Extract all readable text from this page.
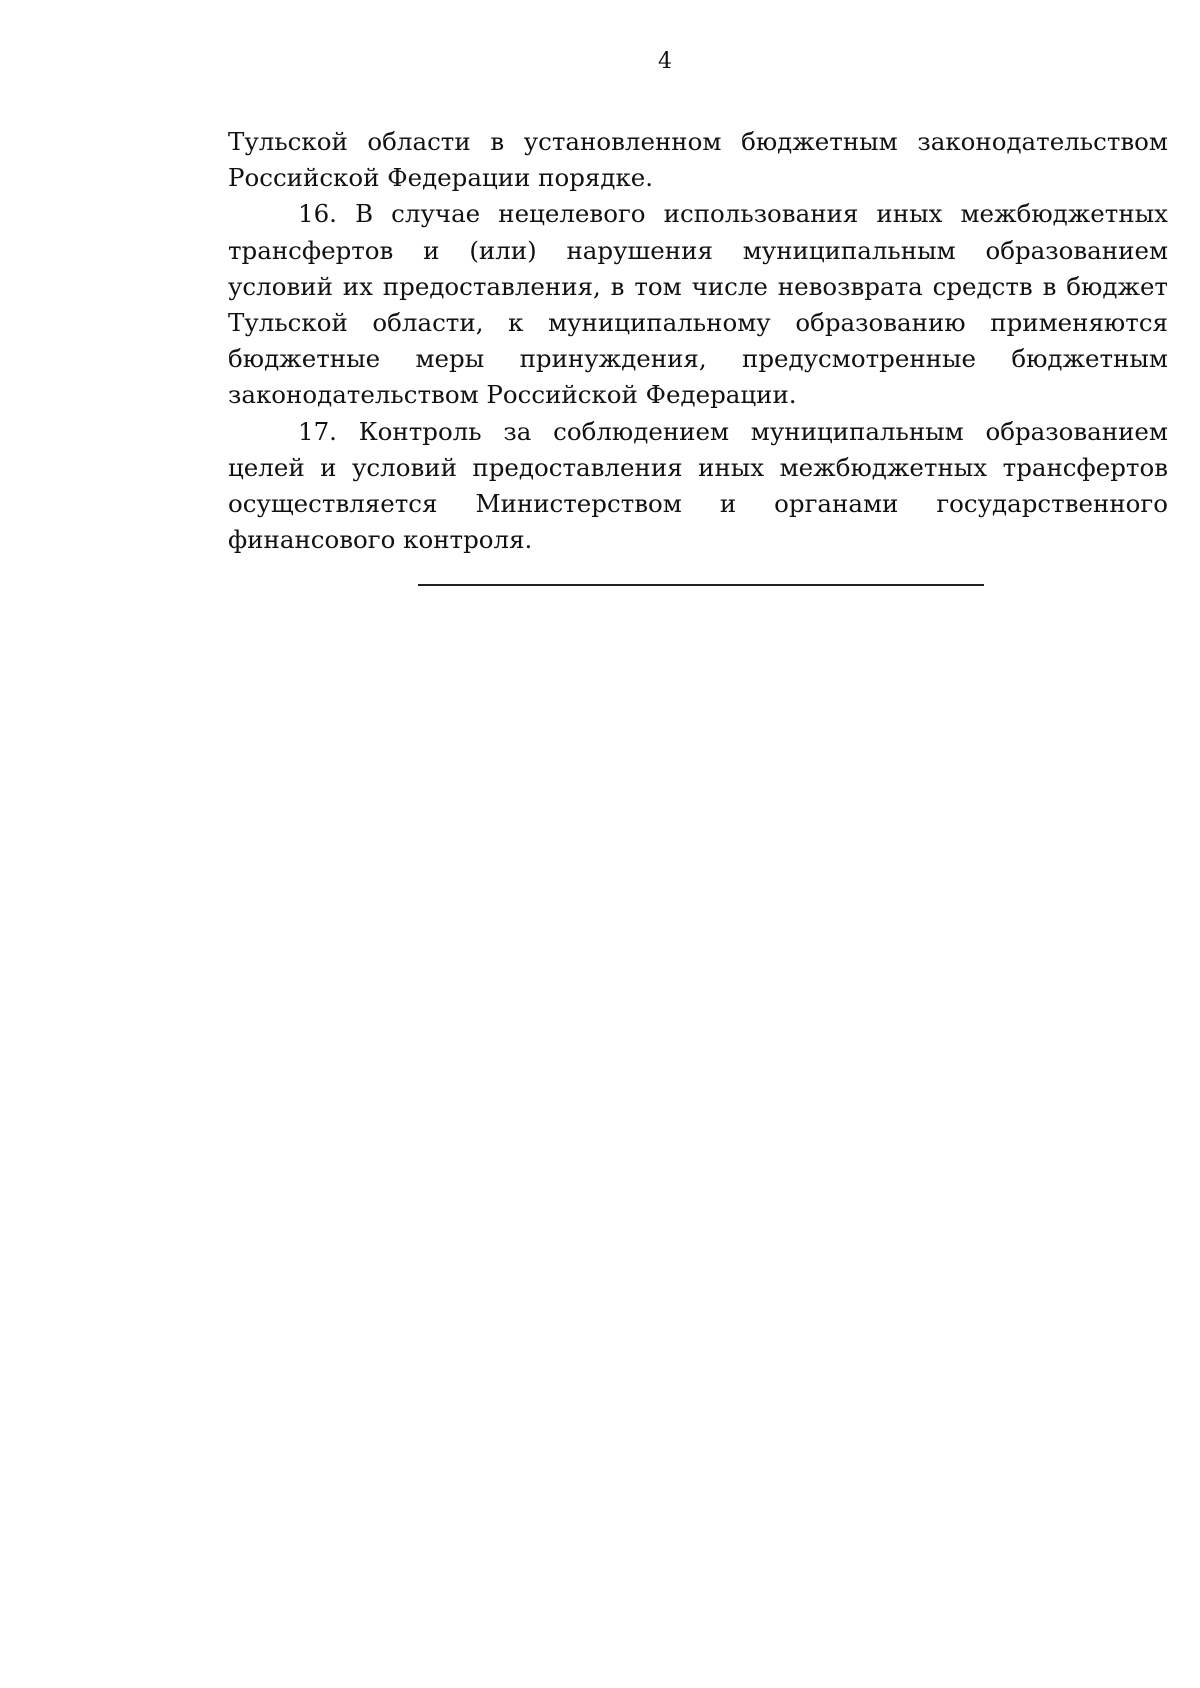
4

Тульской области в установленном бюджетным законодательством Российской Федерации порядке.

16. В случае нецелевого использования иных межбюджетных трансфертов и (или) нарушения муниципальным образованием условий их предоставления, в том числе невозврата средств в бюджет Тульской области, к муниципальному образованию применяются бюджетные меры принуждения, предусмотренные бюджетным законодательством Российской Федерации.

17. Контроль за соблюдением муниципальным образованием целей и условий предоставления иных межбюджетных трансфертов осуществляется Министерством и органами государственного финансового контроля.
